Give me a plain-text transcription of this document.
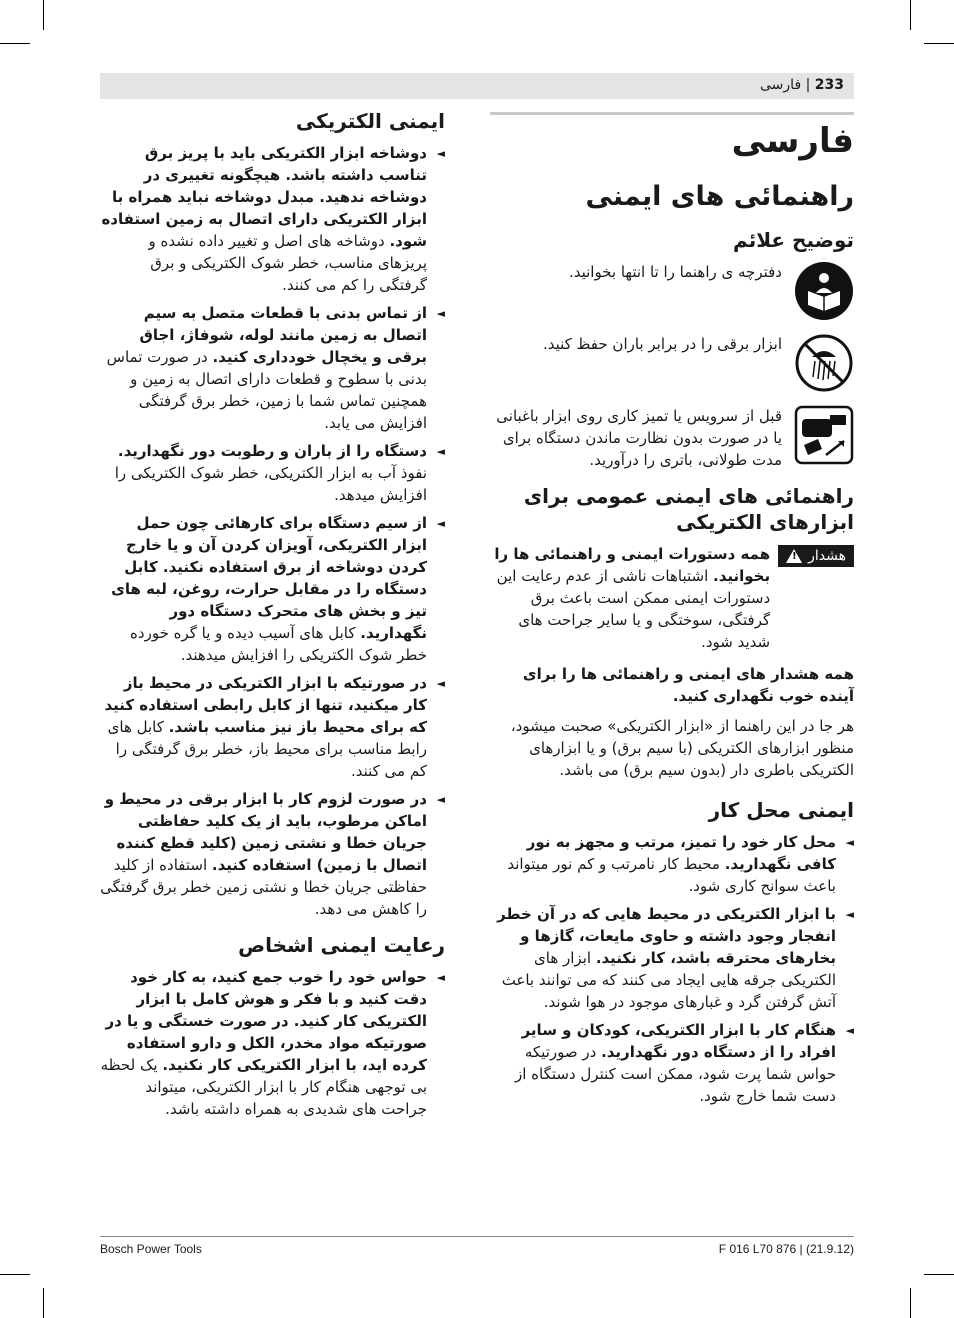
233 | فارسی
فارسی
راهنمائی های ایمنی
توضیح علائم
دفترچه ی راهنما را تا انتها بخوانید.
ابزار برقی را در برابر باران حفظ کنید.
قبل از سرویس یا تمیز کاری روی ابزار باغبانی یا در صورت بدون نظارت ماندن دستگاه برای مدت طولانی، باتری را درآورید.
راهنمائی های ایمنی عمومی برای ابزارهای الکتریکی
هشدار
!
همه دستورات ایمنی و راهنمائی ها را بخوانید. اشتباهات ناشی از عدم رعایت این دستورات ایمنی ممکن است باعث برق گرفتگی، سوختگی و یا سایر جراحت های شدید شود.
همه هشدار های ایمنی و راهنمائی ها را برای آینده خوب نگهداری کنید.
هر جا در این راهنما از «ابزار الکتریکی» صحبت میشود، منظور ابزارهای الکتریکی (با سیم برق) و یا ابزارهای الکتریکی باطری دار (بدون سیم برق) می باشد.
ایمنی محل کار
◄ محل کار خود را تمیز، مرتب و مجهز به نور کافی نگهدارید. محیط کار نامرتب و کم نور میتواند باعث سوانح کاری شود.
◄ با ابزار الکتریکی در محیط هایی که در آن خطر انفجار وجود داشته و حاوی مایعات، گازها و بخارهای محترقه باشد، کار نکنید. ابزار های الکتریکی جرقه هایی ایجاد می کنند که می توانند باعث آتش گرفتن گرد و غبارهای موجود در هوا شوند.
◄ هنگام کار با ابزار الکتریکی، کودکان و سایر افراد را از دستگاه دور نگهدارید. در صورتیکه حواس شما پرت شود، ممکن است کنترل دستگاه از دست شما خارج شود.
ایمنی الکتریکی
◄ دوشاخه ابزار الکتریکی باید با پریز برق تناسب داشته باشد. هیچگونه تغییری در دوشاخه ندهید. مبدل دوشاخه نباید همراه با ابزار الکتریکی دارای اتصال به زمین استفاده شود. دوشاخه های اصل و تغییر داده نشده و پریزهای مناسب، خطر شوک الکتریکی و برق گرفتگی را کم می کنند.
◄ از تماس بدنی با قطعات متصل به سیم اتصال به زمین مانند لوله، شوفاژ، اجاق برقی و یخچال خودداری کنید. در صورت تماس بدنی با سطوح و قطعات دارای اتصال به زمین و همچنین تماس شما با زمین، خطر برق گرفتگی افزایش می یابد.
◄ دستگاه را از باران و رطوبت دور نگهدارید. نفوذ آب به ابزار الکتریکی، خطر شوک الکتریکی را افزایش میدهد.
◄ از سیم دستگاه برای کارهائی چون حمل ابزار الکتریکی، آویزان کردن آن و یا خارج کردن دوشاخه از برق استفاده نکنید. کابل دستگاه را در مقابل حرارت، روغن، لبه های تیز و بخش های متحرک دستگاه دور نگهدارید. کابل های آسیب دیده و یا گره خورده خطر شوک الکتریکی را افزایش میدهند.
◄ در صورتیکه با ابزار الکتریکی در محیط باز کار میکنید، تنها از کابل رابطی استفاده کنید که برای محیط باز نیز مناسب باشد. کابل های رابط مناسب برای محیط باز، خطر برق گرفتگی را کم می کنند.
◄ در صورت لزوم کار با ابزار برقی در محیط و اماکن مرطوب، باید از یک کلید حفاظتی جریان خطا و نشتی زمین (کلید قطع کننده اتصال با زمین) استفاده کنید. استفاده از کلید حفاظتی جریان خطا و نشتی زمین خطر برق گرفتگی را کاهش می دهد.
رعایت ایمنی اشخاص
◄ حواس خود را خوب جمع کنید، به کار خود دقت کنید و با فکر و هوش کامل با ابزار الکتریکی کار کنید. در صورت خستگی و یا در صورتیکه مواد مخدر، الکل و دارو استفاده کرده اید، با ابزار الکتریکی کار نکنید. یک لحظه بی توجهی هنگام کار با ابزار الکتریکی، میتواند جراحت های شدیدی به همراه داشته باشد.
Bosch Power Tools	F 016 L70 876 | (21.9.12)
